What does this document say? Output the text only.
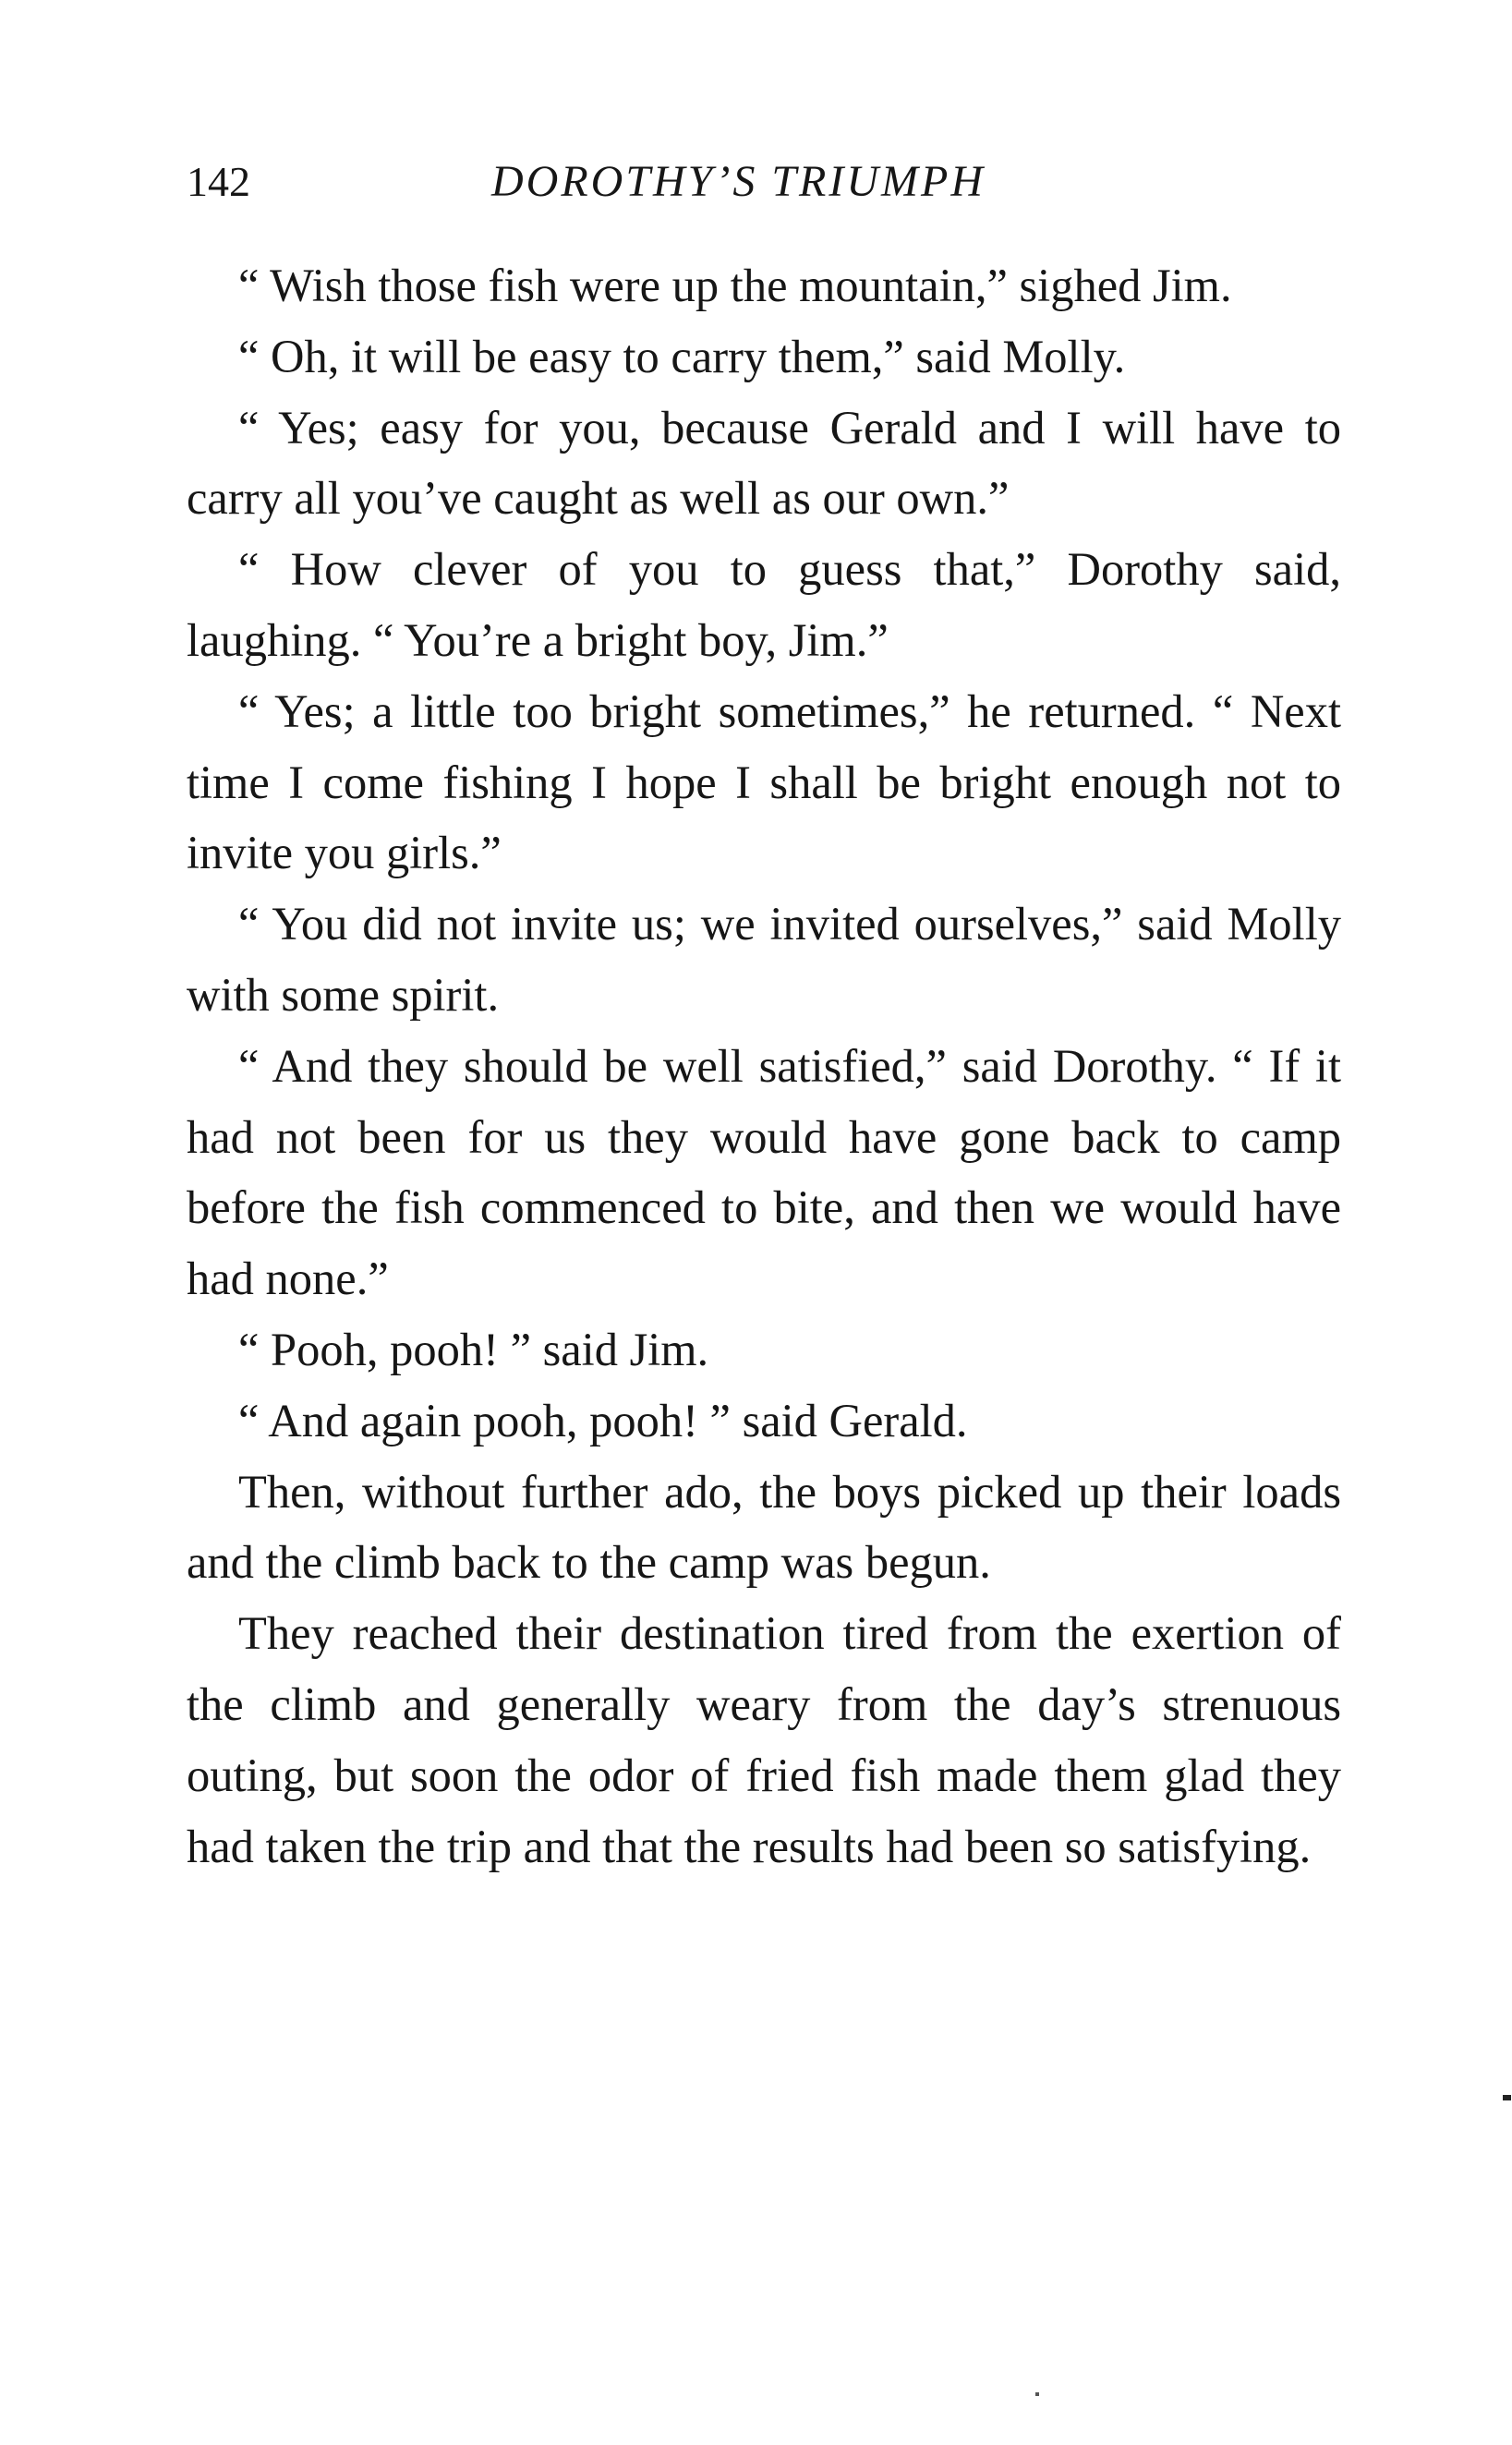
142	DOROTHY’S TRIUMPH

“ Wish those fish were up the mountain,” sighed Jim.

“ Oh, it will be easy to carry them,” said Molly.

“ Yes; easy for you, because Gerald and I will have to carry all you’ve caught as well as our own.”

“ How clever of you to guess that,” Dorothy said, laughing. “ You’re a bright boy, Jim.”

“ Yes; a little too bright sometimes,” he returned. “ Next time I come fishing I hope I shall be bright enough not to invite you girls.”

“ You did not invite us; we invited ourselves,” said Molly with some spirit.

“ And they should be well satisfied,” said Dorothy. “ If it had not been for us they would have gone back to camp before the fish commenced to bite, and then we would have had none.”

“ Pooh, pooh! ” said Jim.

“ And again pooh, pooh! ” said Gerald.

Then, without further ado, the boys picked up their loads and the climb back to the camp was begun.

They reached their destination tired from the exertion of the climb and generally weary from the day’s strenuous outing, but soon the odor of fried fish made them glad they had taken the trip and that the results had been so satisfying.
